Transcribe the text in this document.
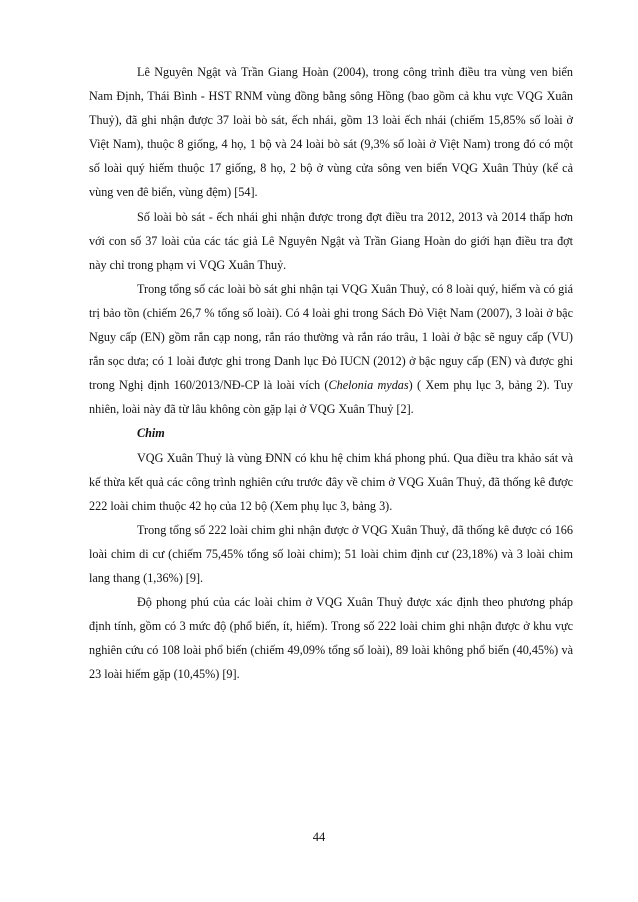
Lê Nguyên Ngật và Trần Giang Hoàn (2004), trong công trình điều tra vùng ven biển Nam Định, Thái Bình - HST RNM vùng đồng bằng sông Hồng (bao gồm cả khu vực VQG Xuân Thuỷ), đã ghi nhận được 37 loài bò sát, ếch nhái, gồm 13 loài ếch nhái (chiếm 15,85% số loài ở Việt Nam), thuộc 8 giống, 4 họ, 1 bộ và 24 loài bò sát (9,3% số loài ở Việt Nam) trong đó có một số loài quý hiếm thuộc 17 giống, 8 họ, 2 bộ ở vùng cửa sông ven biển VQG Xuân Thủy (kể cả vùng ven đê biển, vùng đệm) [54].

Số loài bò sát - ếch nhái ghi nhận được trong đợt điều tra 2012, 2013 và 2014 thấp hơn với con số 37 loài của các tác giả Lê Nguyên Ngật và Trần Giang Hoàn do giới hạn điều tra đợt này chỉ trong phạm vi VQG Xuân Thuỷ.

Trong tổng số các loài bò sát ghi nhận tại VQG Xuân Thuỷ, có 8 loài quý, hiếm và có giá trị bảo tồn (chiếm 26,7 % tổng số loài). Có 4 loài ghi trong Sách Đỏ Việt Nam (2007), 3 loài ở bậc Nguy cấp (EN) gồm rắn cạp nong, rắn ráo thường và rắn ráo trâu, 1 loài ở bậc sẽ nguy cấp (VU) rắn sọc dưa; có 1 loài được ghi trong Danh lục Đỏ IUCN (2012) ở bậc nguy cấp (EN) và được ghi trong Nghị định 160/2013/NĐ-CP là loài vích (Chelonia mydas) ( Xem phụ lục 3, bảng 2). Tuy nhiên, loài này đã từ lâu không còn gặp lại ở VQG Xuân Thuỷ [2].

Chim

VQG Xuân Thuỷ là vùng ĐNN có khu hệ chim khá phong phú. Qua điều tra khảo sát và kế thừa kết quả các công trình nghiên cứu trước đây về chim ở VQG Xuân Thuỷ, đã thống kê được 222 loài chim thuộc 42 họ của 12 bộ (Xem phụ lục 3, bảng 3).

Trong tổng số 222 loài chim ghi nhận được ở VQG Xuân Thuỷ, đã thống kê được có 166 loài chim di cư (chiếm 75,45% tổng số loài chim); 51 loài chim định cư (23,18%) và 3 loài chim lang thang (1,36%) [9].

Độ phong phú của các loài chim ở VQG Xuân Thuỷ được xác định theo phương pháp định tính, gồm có 3 mức độ (phổ biến, ít, hiếm). Trong số 222 loài chim ghi nhận được ở khu vực nghiên cứu có 108 loài phổ biến (chiếm 49,09% tổng số loài), 89 loài không phổ biến (40,45%) và 23 loài hiếm gặp (10,45%) [9].

44
